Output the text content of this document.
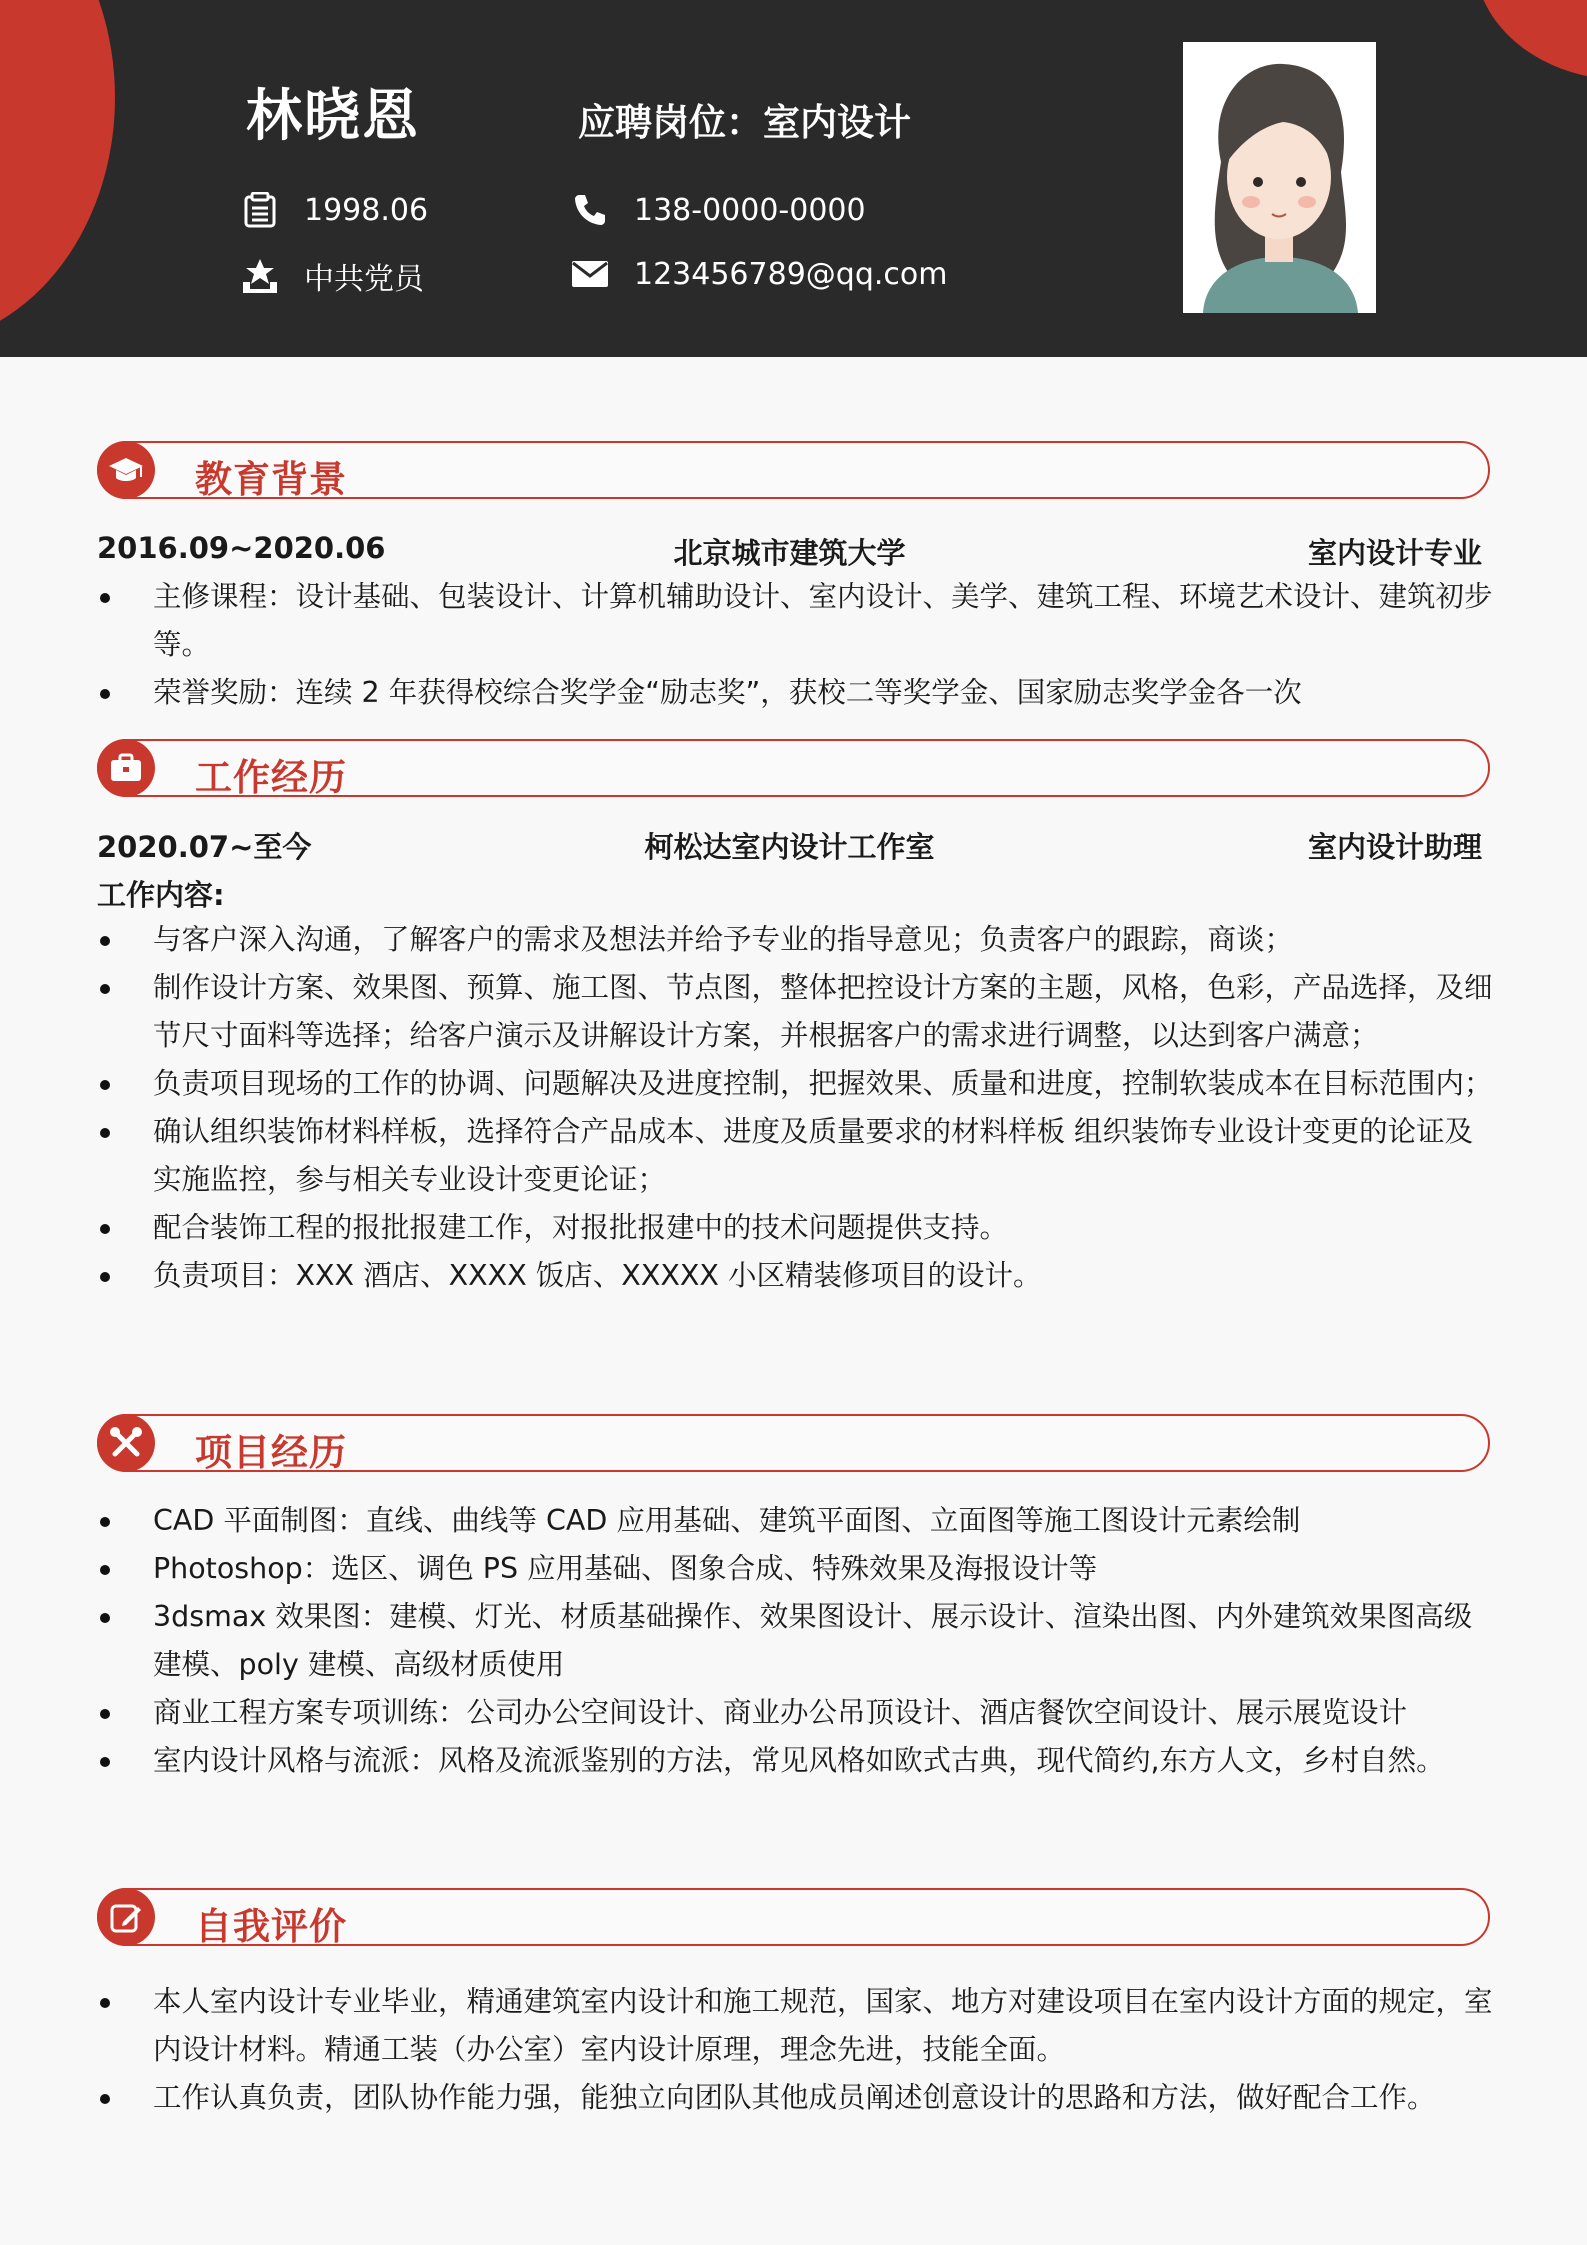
林晓恩	应聘岗位：室内设计
1998.06
中共党员
138-0000-0000
123456789@qq.com
教育背景
2016.09~2020.06	北京城市建筑大学	室内设计专业
主修课程：设计基础、包装设计、计算机辅助设计、室内设计、美学、建筑工程、环境艺术设计、建筑初步等。
荣誉奖励：连续 2 年获得校综合奖学金“励志奖”，获校二等奖学金、国家励志奖学金各一次
工作经历
2020.07~至今	柯松达室内设计工作室	室内设计助理
工作内容:
与客户深入沟通，了解客户的需求及想法并给予专业的指导意见；负责客户的跟踪，商谈；
制作设计方案、效果图、预算、施工图、节点图，整体把控设计方案的主题，风格，色彩，产品选择，及细节尺寸面料等选择；给客户演示及讲解设计方案，并根据客户的需求进行调整，以达到客户满意；
负责项目现场的工作的协调、问题解决及进度控制，把握效果、质量和进度，控制软装成本在目标范围内；
确认组织装饰材料样板，选择符合产品成本、进度及质量要求的材料样板 组织装饰专业设计变更的论证及实施监控，参与相关专业设计变更论证；
配合装饰工程的报批报建工作，对报批报建中的技术问题提供支持。
负责项目：XXX 酒店、XXXX 饭店、XXXXX 小区精装修项目的设计。
项目经历
CAD 平面制图：直线、曲线等 CAD 应用基础、建筑平面图、立面图等施工图设计元素绘制
Photoshop：选区、调色 PS 应用基础、图象合成、特殊效果及海报设计等
3dsmax 效果图：建模、灯光、材质基础操作、效果图设计、展示设计、渲染出图、内外建筑效果图高级建模、poly 建模、高级材质使用
商业工程方案专项训练：公司办公空间设计、商业办公吊顶设计、酒店餐饮空间设计、展示展览设计
室内设计风格与流派：风格及流派鉴别的方法，常见风格如欧式古典，现代简约,东方人文，乡村自然。
自我评价
本人室内设计专业毕业，精通建筑室内设计和施工规范，国家、地方对建设项目在室内设计方面的规定，室内设计材料。精通工装（办公室）室内设计原理，理念先进，技能全面。
工作认真负责，团队协作能力强，能独立向团队其他成员阐述创意设计的思路和方法，做好配合工作。
